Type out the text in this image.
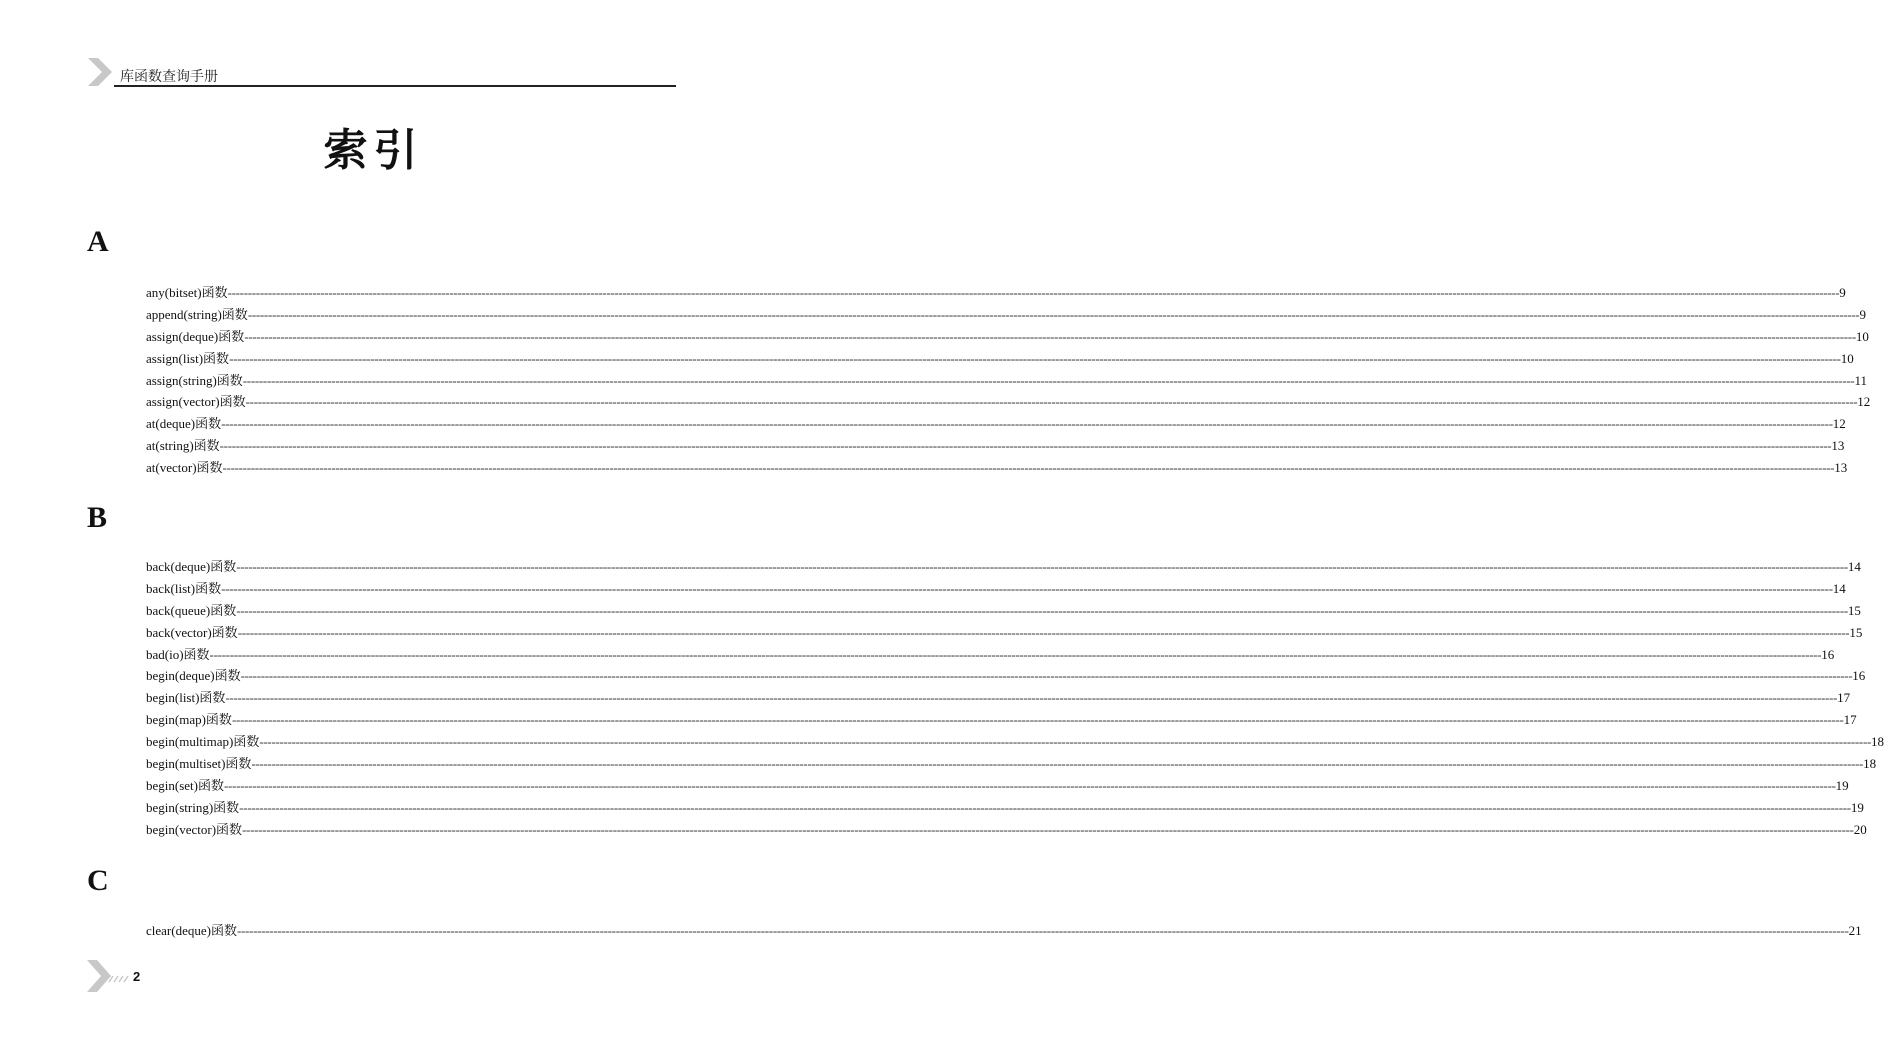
库函数查询手册
索引
A
any(bitset)函数 ---------------------------------------------------------------------------------------------------------------------------------------------------------------------------------------------------------------------------------------------------------------------------------------------------------------------------------------------------------------------------------------------------------------- 9
append(string)函数 ---------------------------------------------------------------------------------------------------------------------------------------------------------------------------------------------------------------------------------------------------------------------------------------------------------------------------------------------------------------------------------------------------------------- 9
assign(deque)函数 ---------------------------------------------------------------------------------------------------------------------------------------------------------------------------------------------------------------------------------------------------------------------------------------------------------------------------------------------------------------------------------------------------------------- 10
assign(list)函数 ---------------------------------------------------------------------------------------------------------------------------------------------------------------------------------------------------------------------------------------------------------------------------------------------------------------------------------------------------------------------------------------------------------------- 10
assign(string)函数 ---------------------------------------------------------------------------------------------------------------------------------------------------------------------------------------------------------------------------------------------------------------------------------------------------------------------------------------------------------------------------------------------------------------- 11
assign(vector)函数 ---------------------------------------------------------------------------------------------------------------------------------------------------------------------------------------------------------------------------------------------------------------------------------------------------------------------------------------------------------------------------------------------------------------- 12
at(deque)函数 ---------------------------------------------------------------------------------------------------------------------------------------------------------------------------------------------------------------------------------------------------------------------------------------------------------------------------------------------------------------------------------------------------------------- 12
at(string)函数 ---------------------------------------------------------------------------------------------------------------------------------------------------------------------------------------------------------------------------------------------------------------------------------------------------------------------------------------------------------------------------------------------------------------- 13
at(vector)函数 ---------------------------------------------------------------------------------------------------------------------------------------------------------------------------------------------------------------------------------------------------------------------------------------------------------------------------------------------------------------------------------------------------------------- 13
B
back(deque)函数 ---------------------------------------------------------------------------------------------------------------------------------------------------------------------------------------------------------------------------------------------------------------------------------------------------------------------------------------------------------------------------------------------------------------- 14
back(list)函数 ---------------------------------------------------------------------------------------------------------------------------------------------------------------------------------------------------------------------------------------------------------------------------------------------------------------------------------------------------------------------------------------------------------------- 14
back(queue)函数 ---------------------------------------------------------------------------------------------------------------------------------------------------------------------------------------------------------------------------------------------------------------------------------------------------------------------------------------------------------------------------------------------------------------- 15
back(vector)函数 ---------------------------------------------------------------------------------------------------------------------------------------------------------------------------------------------------------------------------------------------------------------------------------------------------------------------------------------------------------------------------------------------------------------- 15
bad(io)函数 ---------------------------------------------------------------------------------------------------------------------------------------------------------------------------------------------------------------------------------------------------------------------------------------------------------------------------------------------------------------------------------------------------------------- 16
begin(deque)函数 ---------------------------------------------------------------------------------------------------------------------------------------------------------------------------------------------------------------------------------------------------------------------------------------------------------------------------------------------------------------------------------------------------------------- 16
begin(list)函数 ---------------------------------------------------------------------------------------------------------------------------------------------------------------------------------------------------------------------------------------------------------------------------------------------------------------------------------------------------------------------------------------------------------------- 17
begin(map)函数 ---------------------------------------------------------------------------------------------------------------------------------------------------------------------------------------------------------------------------------------------------------------------------------------------------------------------------------------------------------------------------------------------------------------- 17
begin(multimap)函数 ---------------------------------------------------------------------------------------------------------------------------------------------------------------------------------------------------------------------------------------------------------------------------------------------------------------------------------------------------------------------------------------------------------------- 18
begin(multiset)函数 ---------------------------------------------------------------------------------------------------------------------------------------------------------------------------------------------------------------------------------------------------------------------------------------------------------------------------------------------------------------------------------------------------------------- 18
begin(set)函数 ---------------------------------------------------------------------------------------------------------------------------------------------------------------------------------------------------------------------------------------------------------------------------------------------------------------------------------------------------------------------------------------------------------------- 19
begin(string)函数 ---------------------------------------------------------------------------------------------------------------------------------------------------------------------------------------------------------------------------------------------------------------------------------------------------------------------------------------------------------------------------------------------------------------- 19
begin(vector)函数 ---------------------------------------------------------------------------------------------------------------------------------------------------------------------------------------------------------------------------------------------------------------------------------------------------------------------------------------------------------------------------------------------------------------- 20
C
clear(deque)函数 ---------------------------------------------------------------------------------------------------------------------------------------------------------------------------------------------------------------------------------------------------------------------------------------------------------------------------------------------------------------------------------------------------------------- 21
2
